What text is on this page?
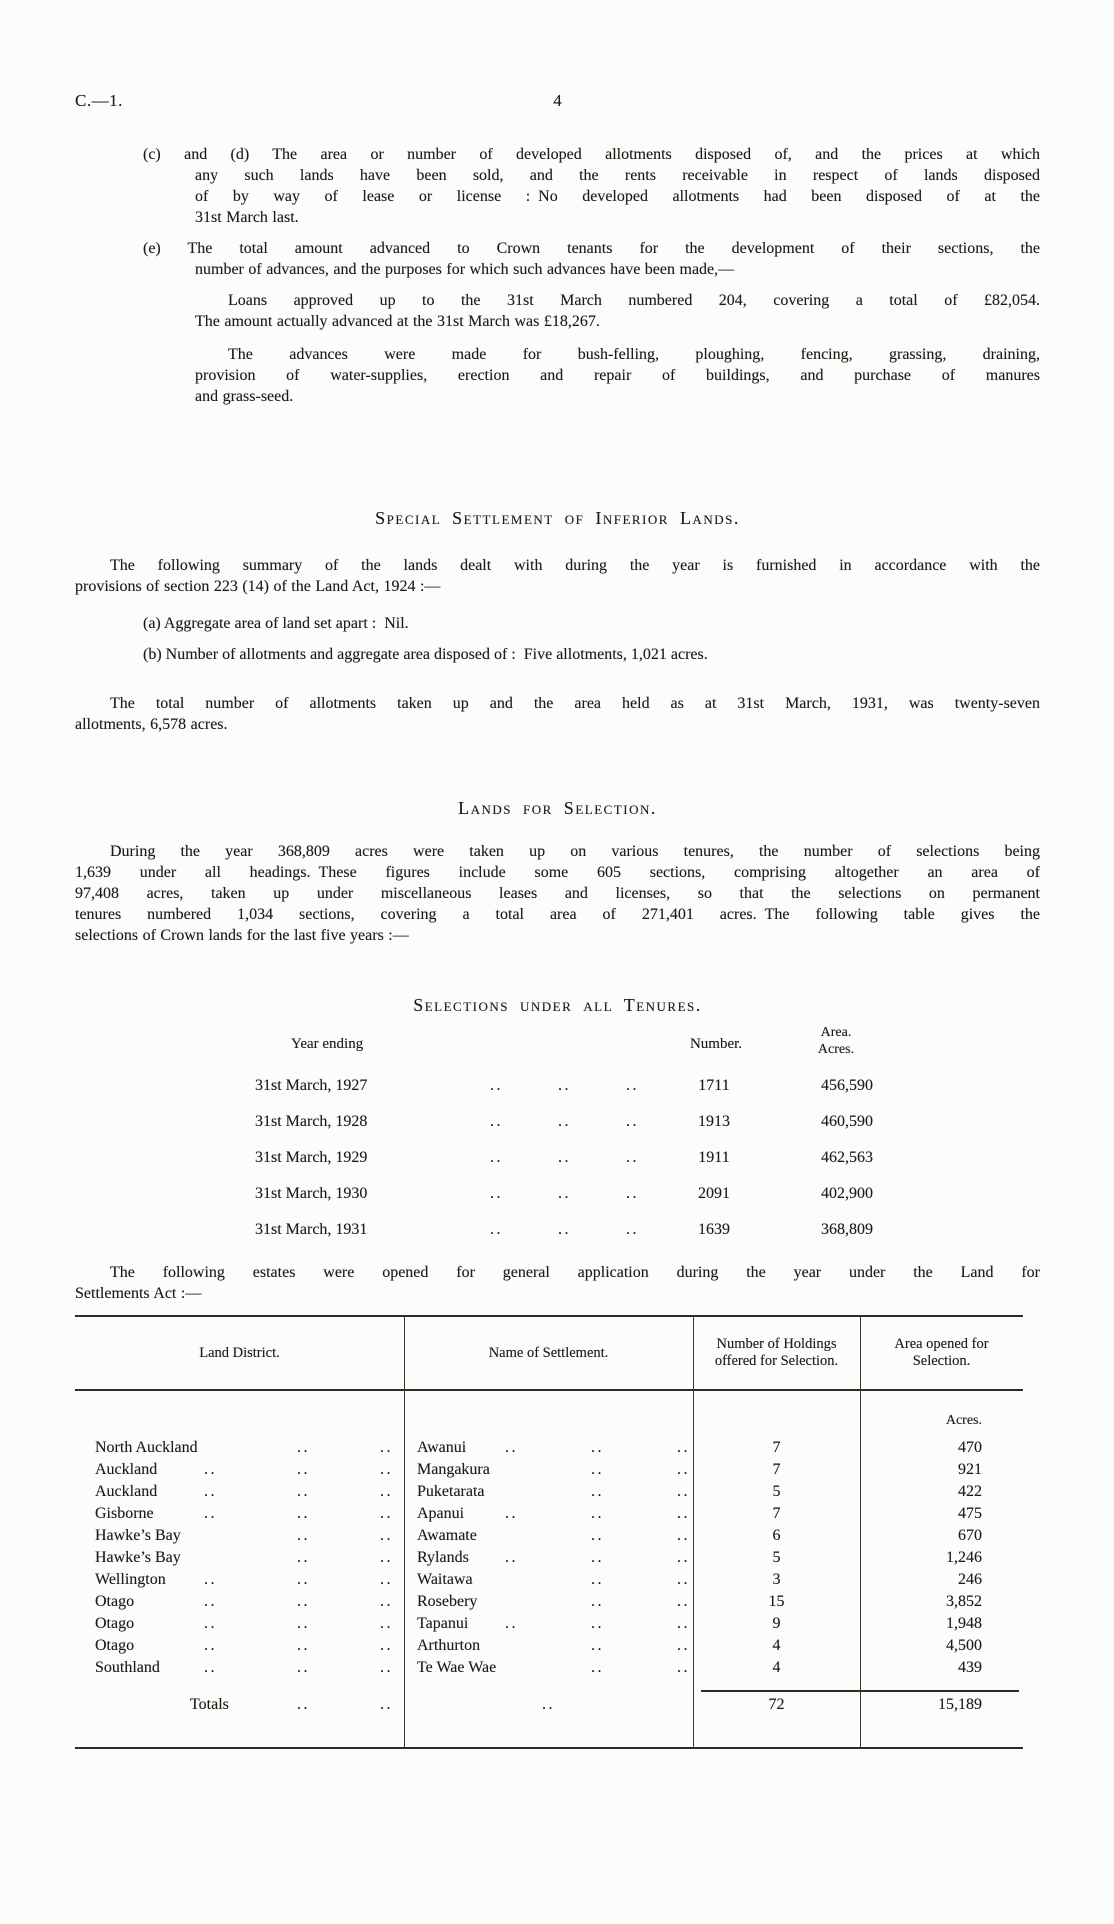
C.—1.	4
(c) and (d) The area or number of developed allotments disposed of, and the prices at which
any such lands have been sold, and the rents receivable in respect of lands disposed
of by way of lease or license : No developed allotments had been disposed of at the
31st March last.
(e) The total amount advanced to Crown tenants for the development of their sections, the
number of advances, and the purposes for which such advances have been made,—
Loans approved up to the 31st March numbered 204, covering a total of £82,054.
The amount actually advanced at the 31st March was £18,267.
The advances were made for bush-felling, ploughing, fencing, grassing, draining,
provision of water-supplies, erection and repair of buildings, and purchase of manures
and grass-seed.
Special Settlement of Inferior Lands.
The following summary of the lands dealt with during the year is furnished in accordance with the
provisions of section 223 (14) of the Land Act, 1924 :—
(a) Aggregate area of land set apart : Nil.
(b) Number of allotments and aggregate area disposed of : Five allotments, 1,021 acres.
The total number of allotments taken up and the area held as at 31st March, 1931, was twenty-seven
allotments, 6,578 acres.
Lands for Selection.
During the year 368,809 acres were taken up on various tenures, the number of selections being
1,639 under all headings. These figures include some 605 sections, comprising altogether an area of
97,408 acres, taken up under miscellaneous leases and licenses, so that the selections on permanent
tenures numbered 1,034 sections, covering a total area of 271,401 acres. The following table gives the
selections of Crown lands for the last five years :—
Selections under all Tenures.
Year ending	Number.
Area.
Acres.
31st March, 1927	..	..	..	1711	456,590
31st March, 1928	..	..	..	1913	460,590
31st March, 1929	..	..	..	1911	462,563
31st March, 1930	..	..	..	2091	402,900
31st March, 1931	..	..	..	1639	368,809
The following estates were opened for general application during the year under the Land for
Settlements Act :—
Land District.	Name of Settlement.
Number of Holdings offered for Selection.
Area opened for Selection.
Acres.
North Auckland	..	..	Awanui	..	..	..	7	470
Auckland	..	..	..	Mangakura	..	..	7	921
Auckland	..	..	..	Puketarata	..	..	5	422
Gisborne	..	..	..	Apanui	..	..	..	7	475
Hawke’s Bay	..	..	Awamate	..	..	6	670
Hawke’s Bay	..	..	Rylands	..	..	..	5	1,246
Wellington	..	..	..	Waitawa	..	..	3	246
Otago	..	..	..	Rosebery	..	..	15	3,852
Otago	..	..	..	Tapanui	..	..	..	9	1,948
Otago	..	..	..	Arthurton	..	..	4	4,500
Southland	..	..	..	Te Wae Wae	..	..	4	439
Totals	..	..	..	72	15,189
